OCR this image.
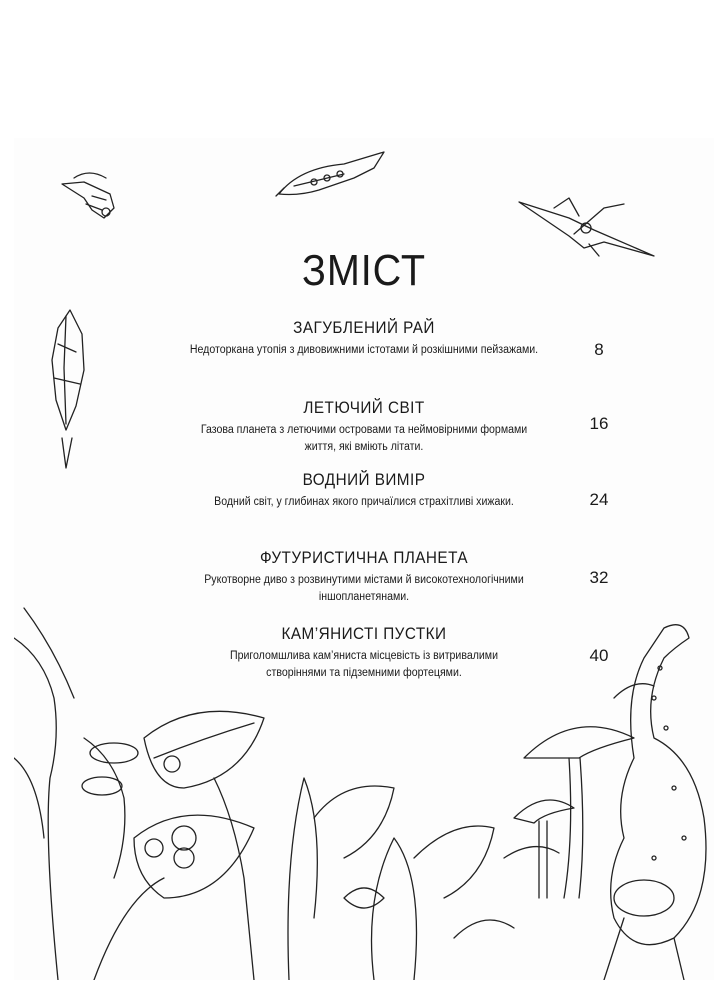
ЗМІСТ
ЗАГУБЛЕНИЙ РАЙ
Недоторкана утопія з дивовижними істотами й розкішними пейзажами.	8
ЛЕТЮЧИЙ СВІТ
Газова планета з летючими островами та неймовірними формами життя, які вміють літати.
16
ВОДНИЙ ВИМІР
Водний світ, у глибинах якого причаїлися страхітливі хижаки.	24
ФУТУРИСТИЧНА ПЛАНЕТА
Рукотворне диво з розвинутими містами й високотехнологічними іншопланетянами.
32
КАМ’ЯНИСТІ ПУСТКИ
Приголомшлива кам’яниста місцевість із витривалими створіннями та підземними фортецями.
40
